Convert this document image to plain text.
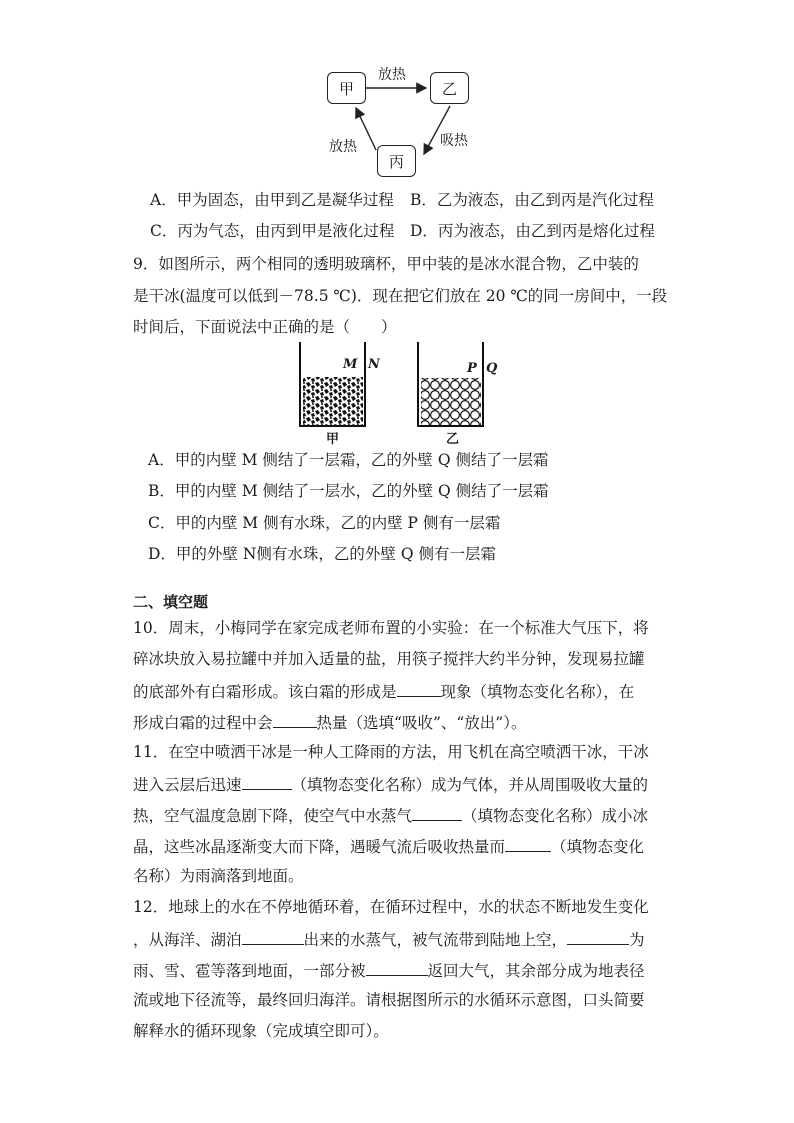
甲	乙
丙
放热
吸热
放热
A．甲为固态，由甲到乙是凝华过程 B．乙为液态，由乙到丙是汽化过程
C．丙为气态，由丙到甲是液化过程 D．丙为液态，由乙到丙是熔化过程
9．如图所示，两个相同的透明玻璃杯，甲中装的是冰水混合物，乙中装的
是干冰(温度可以低到－78.5 ℃)．现在把它们放在 20 ℃的同一房间中，一段
时间后，下面说法中正确的是（　　）
M N	P Q
甲	乙
A．甲的内壁 M 侧结了一层霜，乙的外壁 Q 侧结了一层霜
B．甲的内壁 M 侧结了一层水，乙的外壁 Q 侧结了一层霜
C．甲的内壁 M 侧有水珠，乙的内壁 P 侧有一层霜
D．甲的外壁 N侧有水珠，乙的外壁 Q 侧有一层霜
二、填空题
10．周末，小梅同学在家完成老师布置的小实验：在一个标准大气压下，将
碎冰块放入易拉罐中并加入适量的盐，用筷子搅拌大约半分钟，发现易拉罐
的底部外有白霜形成。该白霜的形成是	现象（填物态变化名称），在
形成白霜的过程中会	热量（选填“吸收”、“放出”）。
11．在空中喷洒干冰是一种人工降雨的方法，用飞机在高空喷洒干冰，干冰
进入云层后迅速	（填物态变化名称）成为气体，并从周围吸收大量的
热，空气温度急剧下降，使空气中水蒸气	（填物态变化名称）成小冰
晶，这些冰晶逐渐变大而下降，遇暖气流后吸收热量而	（填物态变化
名称）为雨滴落到地面。
12．地球上的水在不停地循环着，在循环过程中，水的状态不断地发生变化
，从海洋、湖泊	出来的水蒸气，被气流带到陆地上空，	为
雨、雪、雹等落到地面，一部分被	返回大气，其余部分成为地表径
流或地下径流等，最终回归海洋。请根据图所示的水循环示意图，口头简要
解释水的循环现象（完成填空即可）。
